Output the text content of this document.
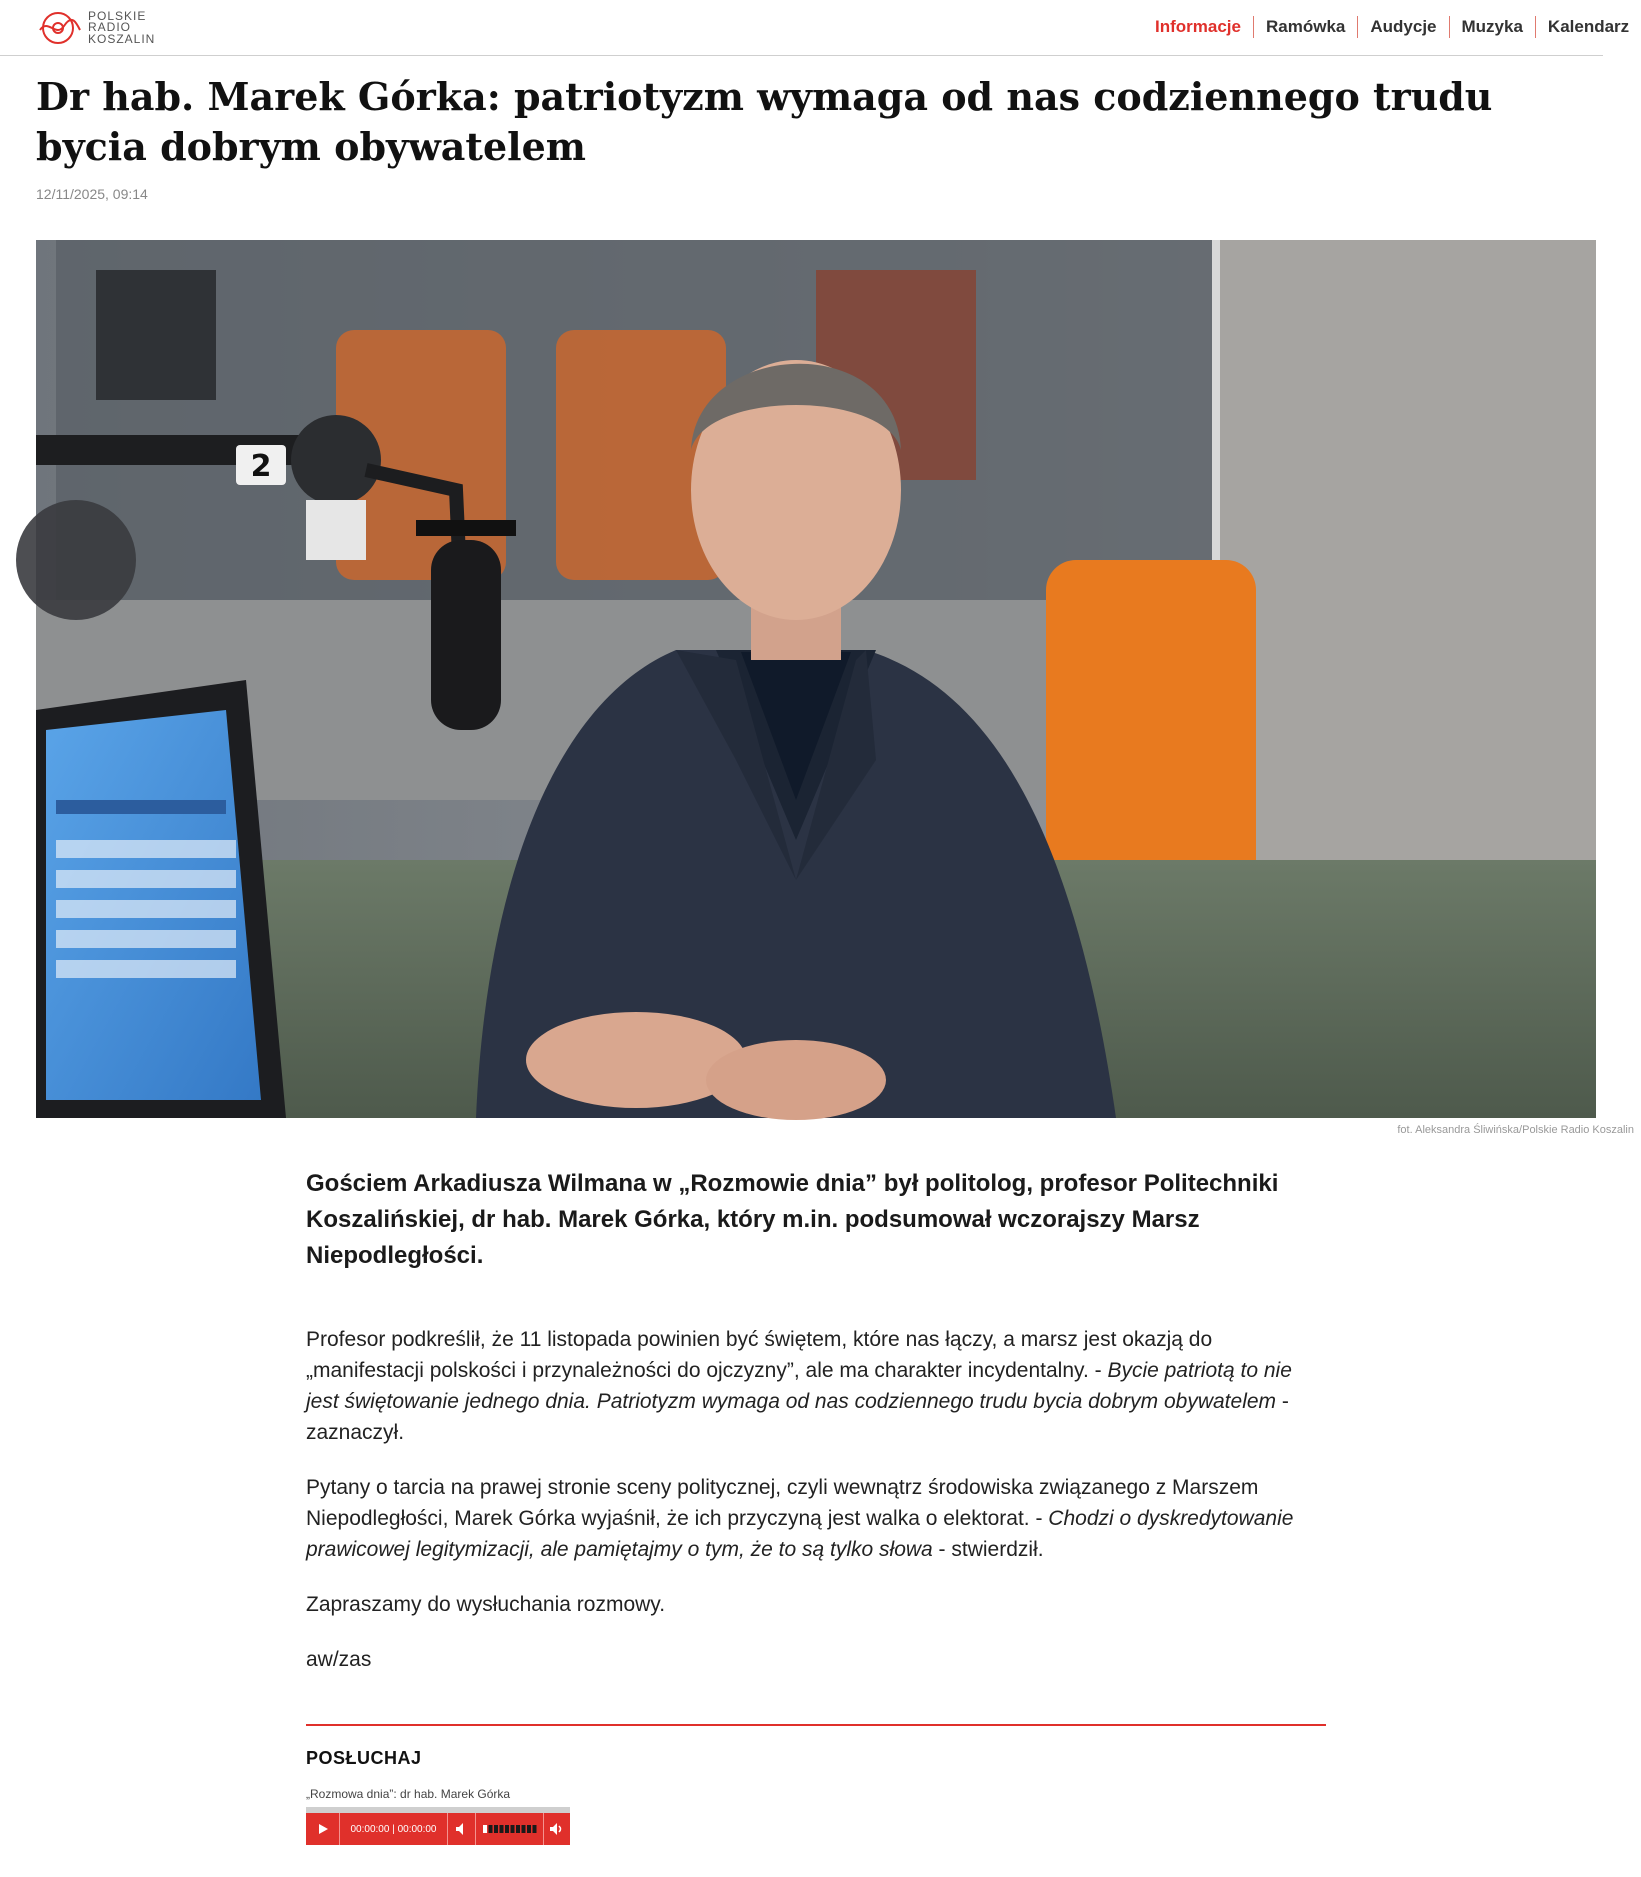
POLSKIE
RADIO
KOSZALIN
Informacje	Ramówka	Audycje	Muzyka	Kalendarz
Dr hab. Marek Górka: patriotyzm wymaga od nas codziennego trudu bycia dobrym obywatelem
12/11/2025, 09:14
2
fot. Aleksandra Śliwińska/Polskie Radio Koszalin

Gościem Arkadiusza Wilmana w „Rozmowie dnia” był politolog, profesor Politechniki Koszalińskiej, dr hab. Marek Górka, który m.in. podsumował wczorajszy Marsz Niepodległości.

Profesor podkreślił, że 11 listopada powinien być świętem, które nas łączy, a marsz jest okazją do „manifestacji polskości i przynależności do ojczyzny”, ale ma charakter incydentalny. - Bycie patriotą to nie jest świętowanie jednego dnia. Patriotyzm wymaga od nas codziennego trudu bycia dobrym obywatelem - zaznaczył.

Pytany o tarcia na prawej stronie sceny politycznej, czyli wewnątrz środowiska związanego z Marszem Niepodległości, Marek Górka wyjaśnił, że ich przyczyną jest walka o elektorat. - Chodzi o dyskredytowanie prawicowej legitymizacji, ale pamiętajmy o tym, że to są tylko słowa - stwierdził.

Zapraszamy do wysłuchania rozmowy.

aw/zas

POSŁUCHAJ
„Rozmowa dnia”: dr hab. Marek Górka
00:00:00 | 00:00:00
